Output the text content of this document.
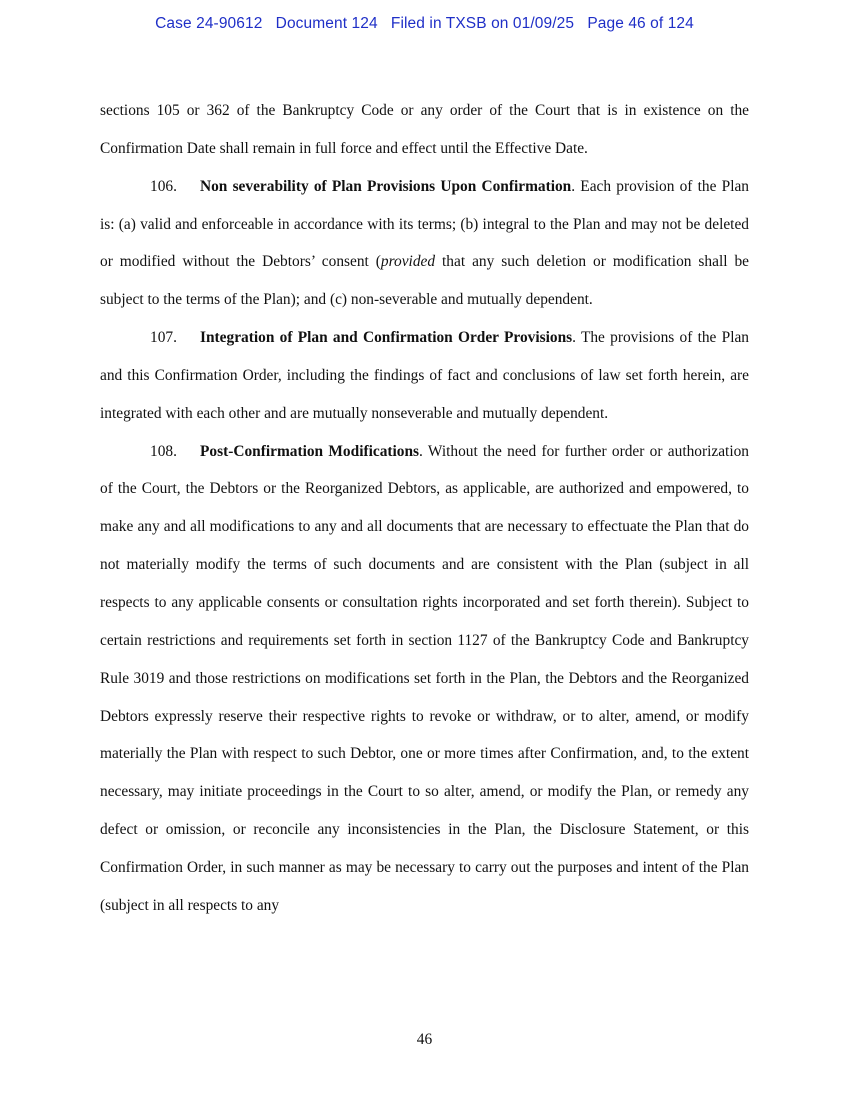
Case 24-90612 Document 124 Filed in TXSB on 01/09/25 Page 46 of 124

sections 105 or 362 of the Bankruptcy Code or any order of the Court that is in existence on the Confirmation Date shall remain in full force and effect until the Effective Date.

106. Non severability of Plan Provisions Upon Confirmation. Each provision of the Plan is: (a) valid and enforceable in accordance with its terms; (b) integral to the Plan and may not be deleted or modified without the Debtors’ consent (provided that any such deletion or modification shall be subject to the terms of the Plan); and (c) non-severable and mutually dependent.

107. Integration of Plan and Confirmation Order Provisions. The provisions of the Plan and this Confirmation Order, including the findings of fact and conclusions of law set forth herein, are integrated with each other and are mutually nonseverable and mutually dependent.

108. Post-Confirmation Modifications. Without the need for further order or authorization of the Court, the Debtors or the Reorganized Debtors, as applicable, are authorized and empowered, to make any and all modifications to any and all documents that are necessary to effectuate the Plan that do not materially modify the terms of such documents and are consistent with the Plan (subject in all respects to any applicable consents or consultation rights incorporated and set forth therein). Subject to certain restrictions and requirements set forth in section 1127 of the Bankruptcy Code and Bankruptcy Rule 3019 and those restrictions on modifications set forth in the Plan, the Debtors and the Reorganized Debtors expressly reserve their respective rights to revoke or withdraw, or to alter, amend, or modify materially the Plan with respect to such Debtor, one or more times after Confirmation, and, to the extent necessary, may initiate proceedings in the Court to so alter, amend, or modify the Plan, or remedy any defect or omission, or reconcile any inconsistencies in the Plan, the Disclosure Statement, or this Confirmation Order, in such manner as may be necessary to carry out the purposes and intent of the Plan (subject in all respects to any

46
